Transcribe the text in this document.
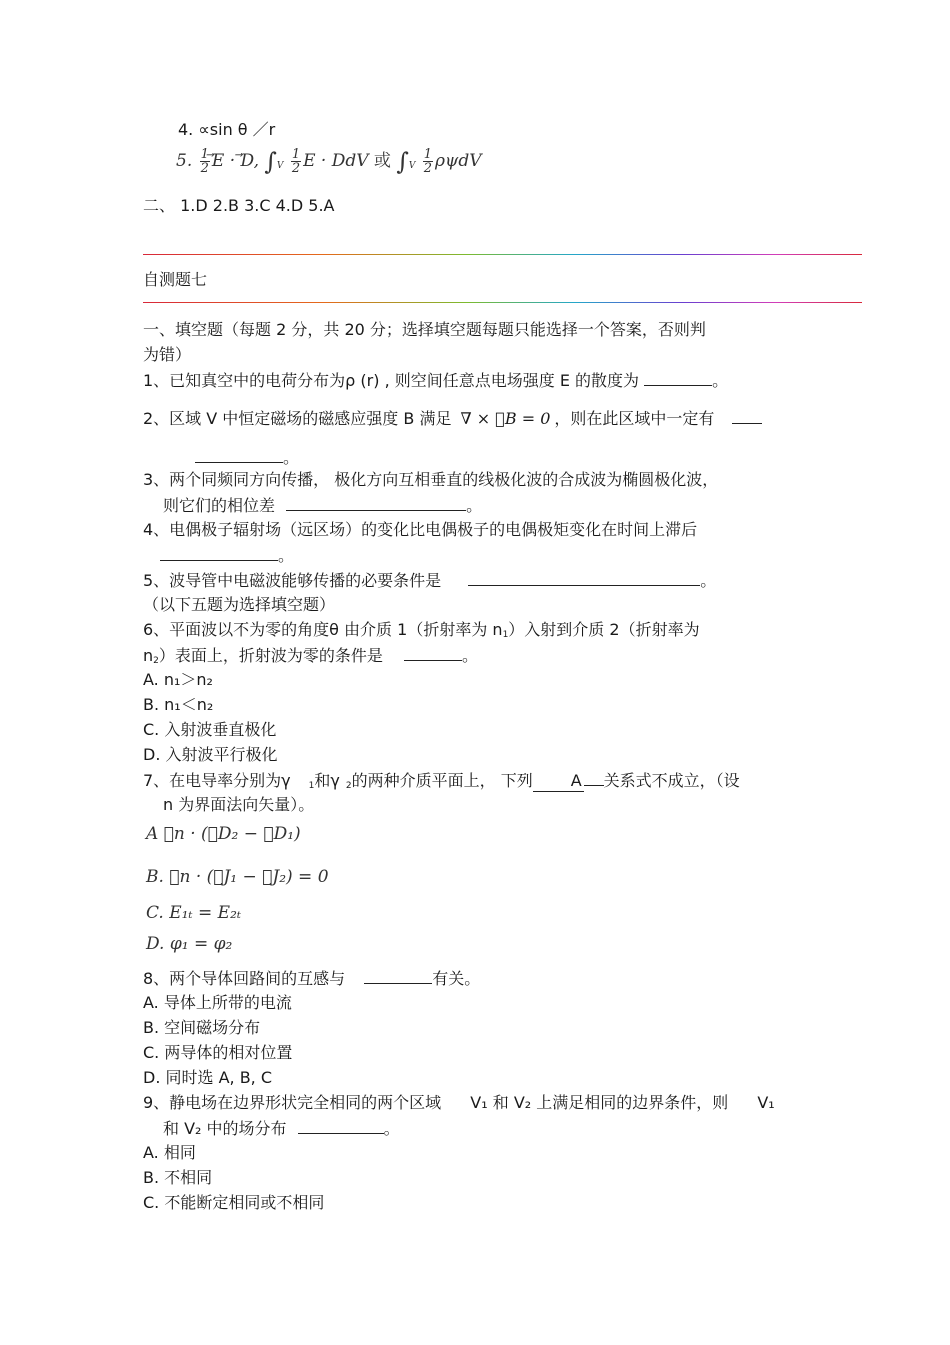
4. ∝sin θ ／r
5. $\frac{1}{2}$ ⃗E · ⃗D, $\int_V \frac{1}{2}$ E · DdV 或 $\int_V \frac{1}{2}$ ρψdV
二、 1.D 2.B 3.C 4.D 5.A
自测题七
一、填空题（每题 2 分，共 20 分；选择填空题每题只能选择一个答案，否则判
为错）
1、已知真空中的电荷分布为ρ (r) , 则空间任意点电场强度 E 的散度为	。
2、区域 V 中恒定磁场的磁感应强度 B 满足 ∇ × ⃗B = 0 ，则在此区域中一定有
。
3、两个同频同方向传播， 极化方向互相垂直的线极化波的合成波为椭圆极化波，
则它们的相位差	。
4、电偶极子辐射场（远区场）的变化比电偶极子的电偶极矩变化在时间上滞后
。
5、波导管中电磁波能够传播的必要条件是	。
（以下五题为选择填空题）
6、平面波以不为零的角度θ 由介质 1（折射率为 $n_1$）入射到介质 2（折射率为
$n_2$）表面上，折射波为零的条件是	。
A. n₁＞n₂
B. n₁＜n₂
C. 入射波垂直极化
D. 入射波平行极化
7、在电导率分别为γ $_1$和γ $_2$的两种介质平面上， 下列 A 关系式不成立，（设
n 为界面法向矢量）。
A ⃗n · (⃗D₂ − ⃗D₁)
B. ⃗n · (⃗J₁ − ⃗J₂) = 0
C. E₁ₜ = E₂ₜ
D. φ₁ = φ₂
8、两个导体回路间的互感与	有关。
A. 导体上所带的电流
B. 空间磁场分布
C. 两导体的相对位置
D. 同时选 A, B, C
9、静电场在边界形状完全相同的两个区域 V₁ 和 V₂ 上满足相同的边界条件，则 V₁
和 V₂ 中的场分布	。
A. 相同
B. 不相同
C. 不能断定相同或不相同
